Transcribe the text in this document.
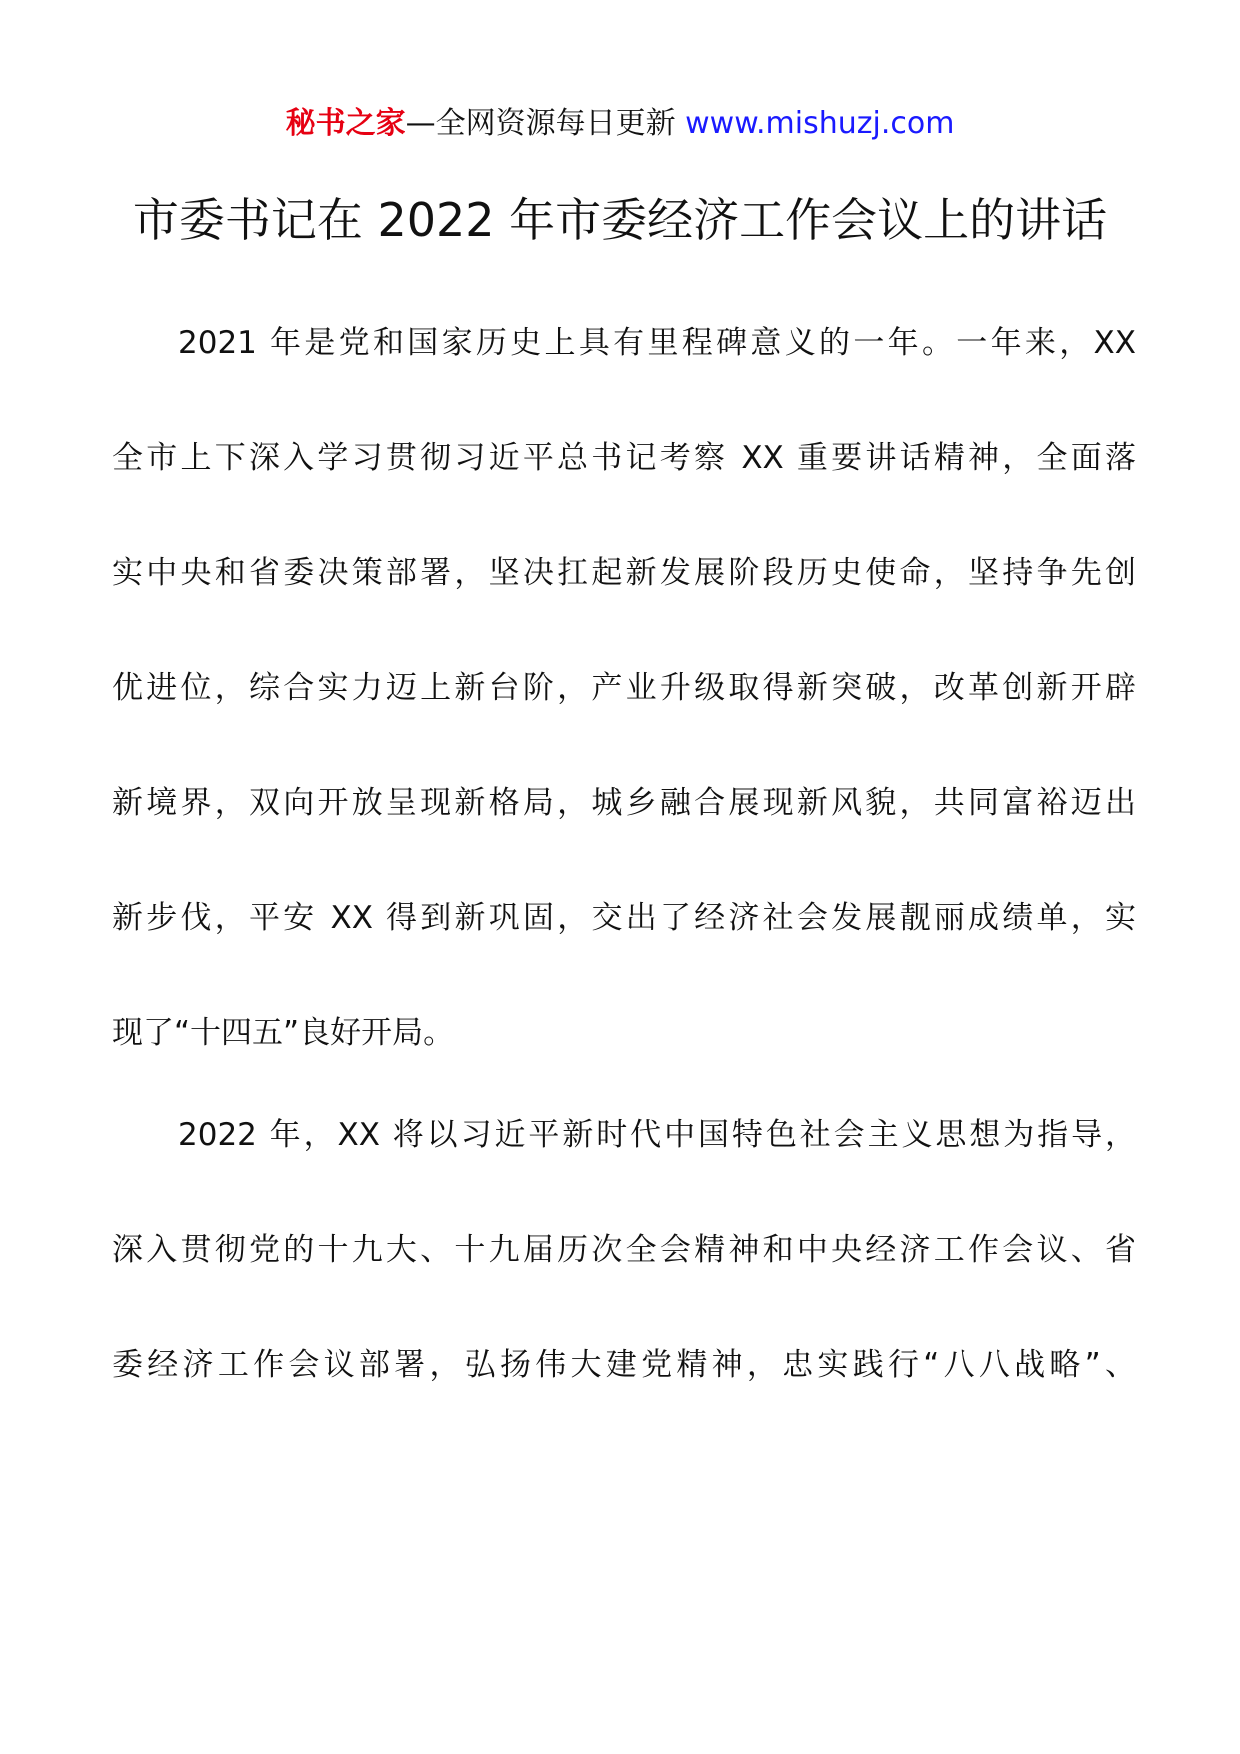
秘书之家—全网资源每日更新 www.mishuzj.com
市委书记在 2022 年市委经济工作会议上的讲话
2021 年是党和国家历史上具有里程碑意义的一年。一年来，XX
全市上下深入学习贯彻习近平总书记考察 XX 重要讲话精神，全面落
实中央和省委决策部署，坚决扛起新发展阶段历史使命，坚持争先创
优进位，综合实力迈上新台阶，产业升级取得新突破，改革创新开辟
新境界，双向开放呈现新格局，城乡融合展现新风貌，共同富裕迈出
新步伐，平安 XX 得到新巩固，交出了经济社会发展靓丽成绩单，实
现了“十四五”良好开局。
2022 年，XX 将以习近平新时代中国特色社会主义思想为指导，
深入贯彻党的十九大、十九届历次全会精神和中央经济工作会议、省
委经济工作会议部署，弘扬伟大建党精神，忠实践行“八八战略”、
